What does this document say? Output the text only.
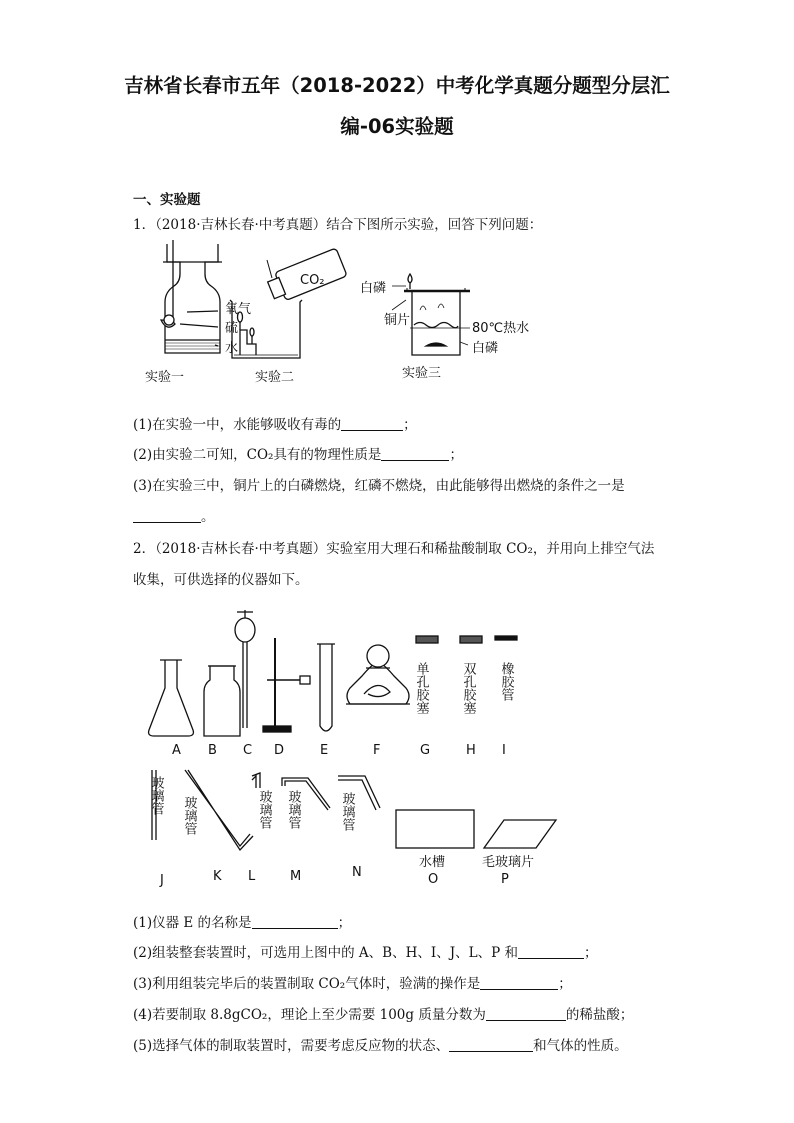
吉林省长春市五年（2018-2022）中考化学真题分题型分层汇
编-06实验题
一、实验题
1．（2018·吉林长春·中考真题）结合下图所示实验，回答下列问题：
氧气
硫
水
实验一
CO₂
实验二
白磷
铜片
80℃热水
白磷
实验三
(1)在实验一中，水能够吸收有毒的	；
(2)由实验二可知，CO₂具有的物理性质是	；
(3)在实验三中，铜片上的白磷燃烧，红磷不燃烧，由此能够得出燃烧的条件之一是
。
2．（2018·吉林长春·中考真题）实验室用大理石和稀盐酸制取 CO₂，并用向上排空气法
收集，可供选择的仪器如下。
A B C D	E	F	G	H I
单孔胶塞 双孔胶塞 橡胶管
玻璃管
玻璃管	玻璃管 玻璃管	玻璃管
J	K L	M	N
水槽
O
毛玻璃片
P
(1)仪器 E 的名称是	；
(2)组装整套装置时，可选用上图中的 A、B、H、I、J、L、P 和	；
(3)利用组装完毕后的装置制取 CO₂气体时，验满的操作是	；
(4)若要制取 8.8gCO₂，理论上至少需要 100g 质量分数为	的稀盐酸；
(5)选择气体的制取装置时，需要考虑反应物的状态、	和气体的性质。
